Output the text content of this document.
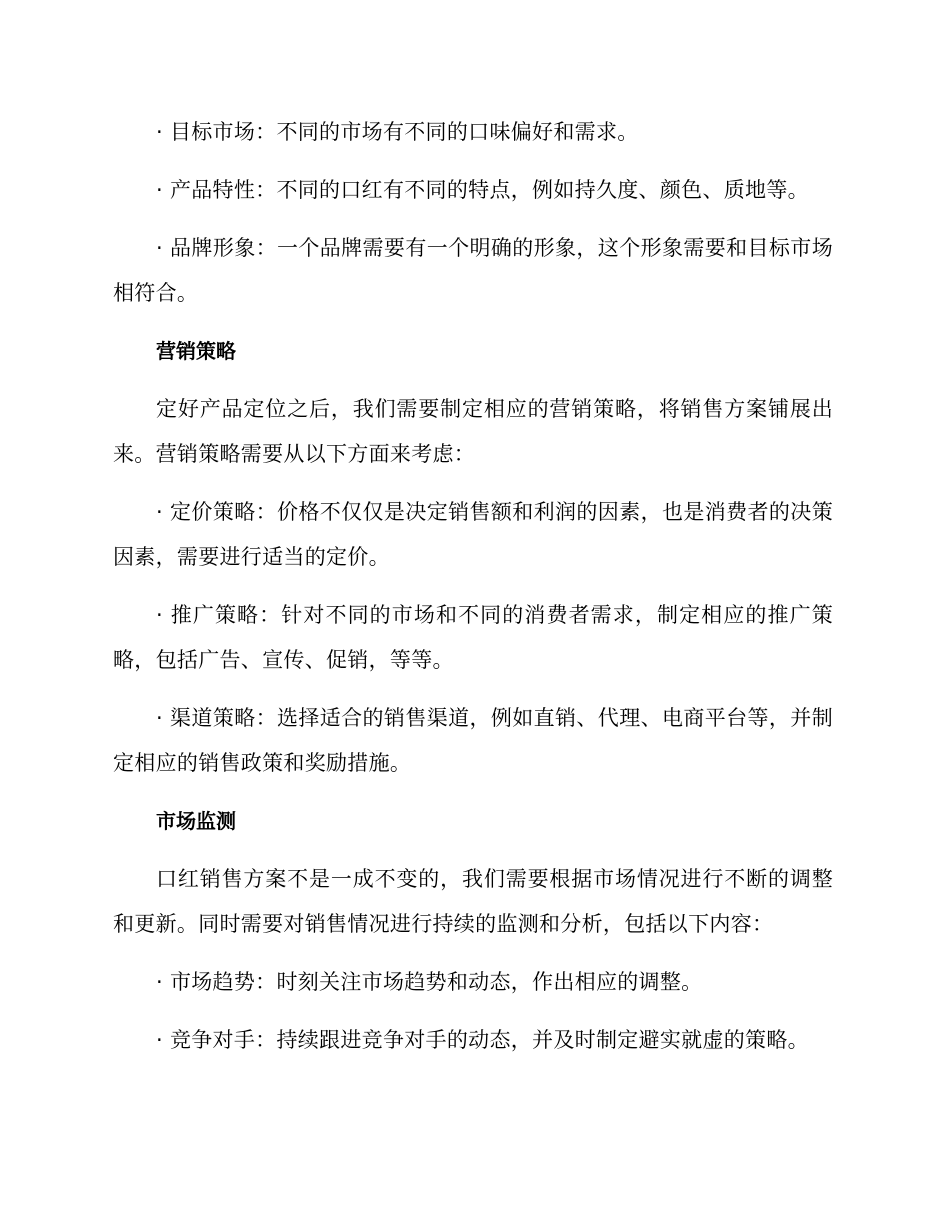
· 目标市场：不同的市场有不同的口味偏好和需求。

· 产品特性：不同的口红有不同的特点，例如持久度、颜色、质地等。

· 品牌形象：一个品牌需要有一个明确的形象，这个形象需要和目标市场相符合。

营销策略

定好产品定位之后，我们需要制定相应的营销策略，将销售方案铺展出来。营销策略需要从以下方面来考虑：

· 定价策略：价格不仅仅是决定销售额和利润的因素，也是消费者的决策因素，需要进行适当的定价。

· 推广策略：针对不同的市场和不同的消费者需求，制定相应的推广策略，包括广告、宣传、促销，等等。

· 渠道策略：选择适合的销售渠道，例如直销、代理、电商平台等，并制定相应的销售政策和奖励措施。

市场监测

口红销售方案不是一成不变的，我们需要根据市场情况进行不断的调整和更新。同时需要对销售情况进行持续的监测和分析，包括以下内容：

· 市场趋势：时刻关注市场趋势和动态，作出相应的调整。

· 竞争对手：持续跟进竞争对手的动态，并及时制定避实就虚的策略。
